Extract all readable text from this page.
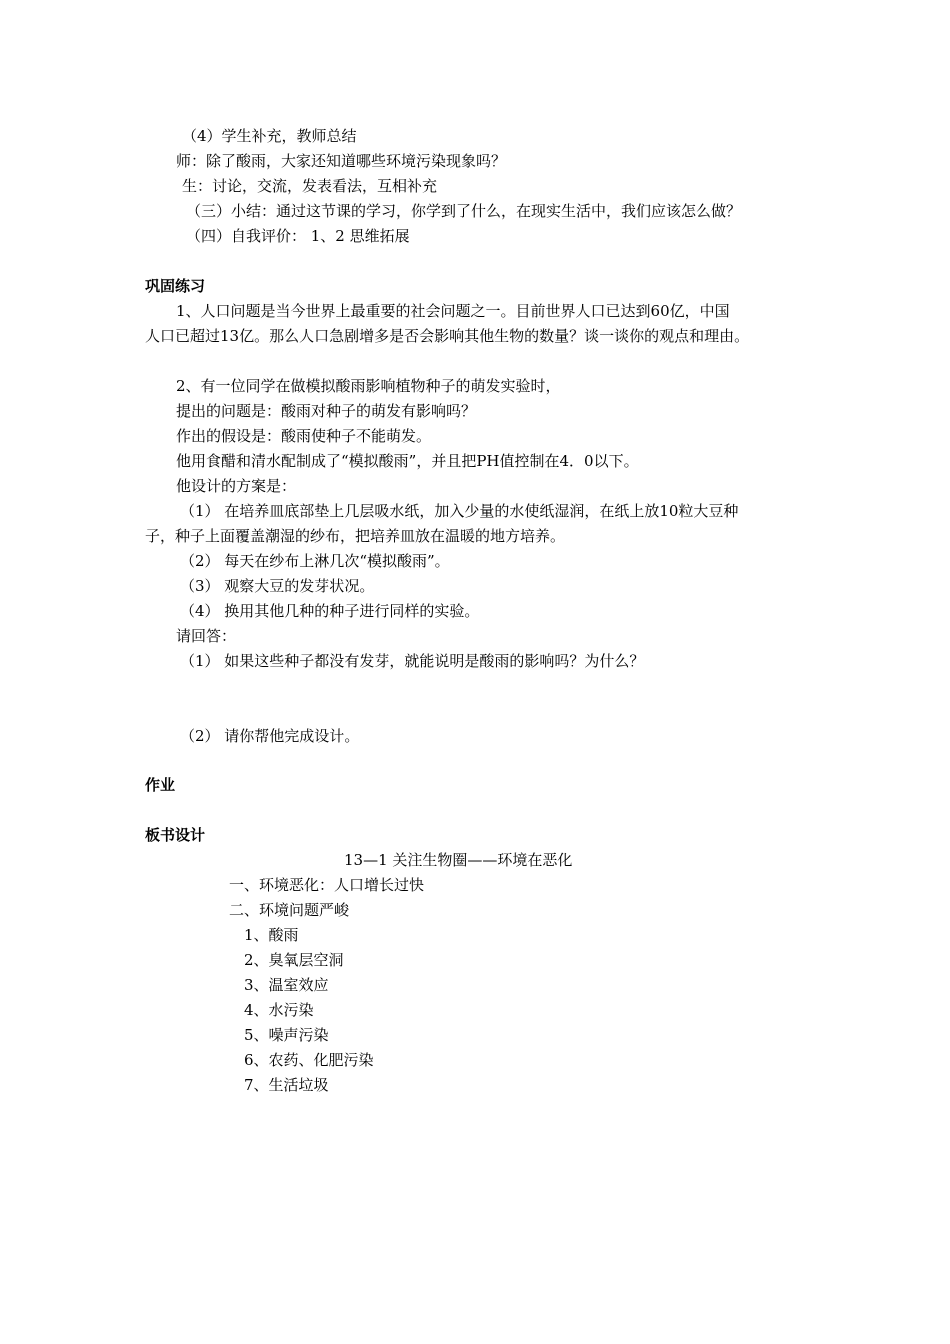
（4）学生补充，教师总结

师：除了酸雨，大家还知道哪些环境污染现象吗？

生：讨论，交流，发表看法，互相补充

（三）小结：通过这节课的学习，你学到了什么，在现实生活中，我们应该怎么做？

（四）自我评价： 1、2 思维拓展

巩固练习

1、人口问题是当今世界上最重要的社会问题之一。目前世界人口已达到60亿，中国

人口已超过13亿。那么人口急剧增多是否会影响其他生物的数量？谈一谈你的观点和理由。

2、有一位同学在做模拟酸雨影响植物种子的萌发实验时，

提出的问题是：酸雨对种子的萌发有影响吗？

作出的假设是：酸雨使种子不能萌发。

他用食醋和清水配制成了“模拟酸雨”，并且把PH值控制在4．0以下。

他设计的方案是：

（1） 在培养皿底部垫上几层吸水纸，加入少量的水使纸湿润，在纸上放10粒大豆种

子，种子上面覆盖潮湿的纱布，把培养皿放在温暖的地方培养。

（2） 每天在纱布上淋几次“模拟酸雨”。

（3） 观察大豆的发芽状况。

（4） 换用其他几种的种子进行同样的实验。

请回答：

（1） 如果这些种子都没有发芽，就能说明是酸雨的影响吗？为什么？

（2） 请你帮他完成设计。

作业

板书设计

13—1 关注生物圈——环境在恶化

一、环境恶化：人口增长过快

二、环境问题严峻

1、酸雨

2、臭氧层空洞

3、温室效应

4、水污染

5、噪声污染

6、农药、化肥污染

7、生活垃圾
